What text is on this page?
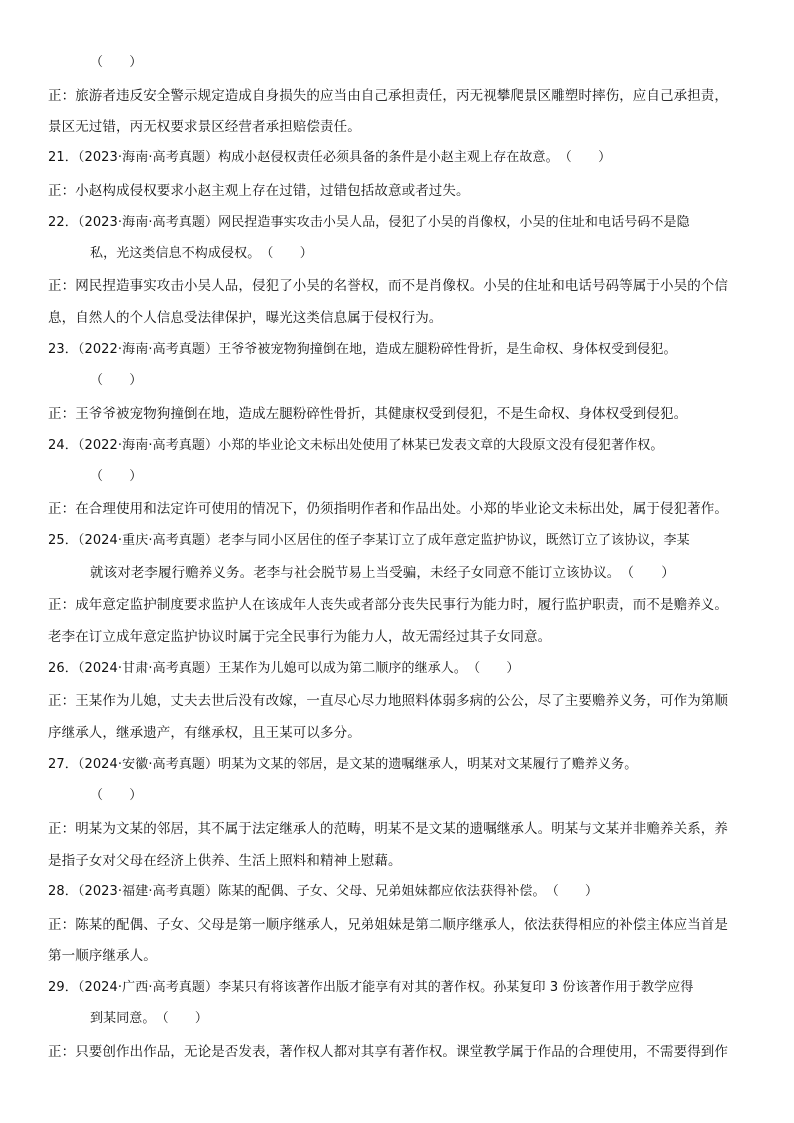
（　　）
正：旅游者违反安全警示规定造成自身损失的应当由自己承担责任，丙无视攀爬景区雕塑时摔伤，应自己承担责，
景区无过错，丙无权要求景区经营者承担赔偿责任。
21．（2023·海南·高考真题）构成小赵侵权责任必须具备的条件是小赵主观上存在故意。　（　　）
正：小赵构成侵权要求小赵主观上存在过错，过错包括故意或者过失。
22．（2023·海南·高考真题）网民捏造事实攻击小吴人品，侵犯了小吴的肖像权，小吴的住址和电话号码不是隐
私，光这类信息不构成侵权。　（　　）
正：网民捏造事实攻击小吴人品，侵犯了小吴的名誉权，而不是肖像权。小吴的住址和电话号码等属于小吴的个信
息，自然人的个人信息受法律保护，曝光这类信息属于侵权行为。
23．（2022·海南·高考真题）王爷爷被宠物狗撞倒在地，造成左腿粉碎性骨折，是生命权、身体权受到侵犯。
（　　）
正：王爷爷被宠物狗撞倒在地，造成左腿粉碎性骨折，其健康权受到侵犯，不是生命权、身体权受到侵犯。
24．（2022·海南·高考真题）小郑的毕业论文未标出处使用了林某已发表文章的大段原文没有侵犯著作权。
（　　）
正：在合理使用和法定许可使用的情况下，仍须指明作者和作品出处。小郑的毕业论文未标出处，属于侵犯著作。
25．（2024·重庆·高考真题）老李与同小区居住的侄子李某订立了成年意定监护协议，既然订立了该协议，李某
就该对老李履行赡养义务。老李与社会脱节易上当受骗，未经子女同意不能订立该协议。　（　　）
正：成年意定监护制度要求监护人在该成年人丧失或者部分丧失民事行为能力时，履行监护职责，而不是赡养义。
老李在订立成年意定监护协议时属于完全民事行为能力人，故无需经过其子女同意。
26．（2024·甘肃·高考真题）王某作为儿媳可以成为第二顺序的继承人。　（　　）
正：王某作为儿媳，丈夫去世后没有改嫁，一直尽心尽力地照料体弱多病的公公，尽了主要赡养义务，可作为第顺
序继承人，继承遗产，有继承权，且王某可以多分。
27．（2024·安徽·高考真题）明某为文某的邻居，是文某的遗嘱继承人，明某对文某履行了赡养义务。
（　　）
正：明某为文某的邻居，其不属于法定继承人的范畴，明某不是文某的遗嘱继承人。明某与文某并非赡养关系，养
是指子女对父母在经济上供养、生活上照料和精神上慰藉。
28．（2023·福建·高考真题）陈某的配偶、子女、父母、兄弟姐妹都应依法获得补偿。　（　　）
正：陈某的配偶、子女、父母是第一顺序继承人，兄弟姐妹是第二顺序继承人，依法获得相应的补偿主体应当首是
第一顺序继承人。
29．（2024·广西·高考真题）李某只有将该著作出版才能享有对其的著作权。孙某复印 3 份该著作用于教学应得
到某同意。　（　　）
正：只要创作出作品，无论是否发表，著作权人都对其享有著作权。课堂教学属于作品的合理使用，不需要得到作
